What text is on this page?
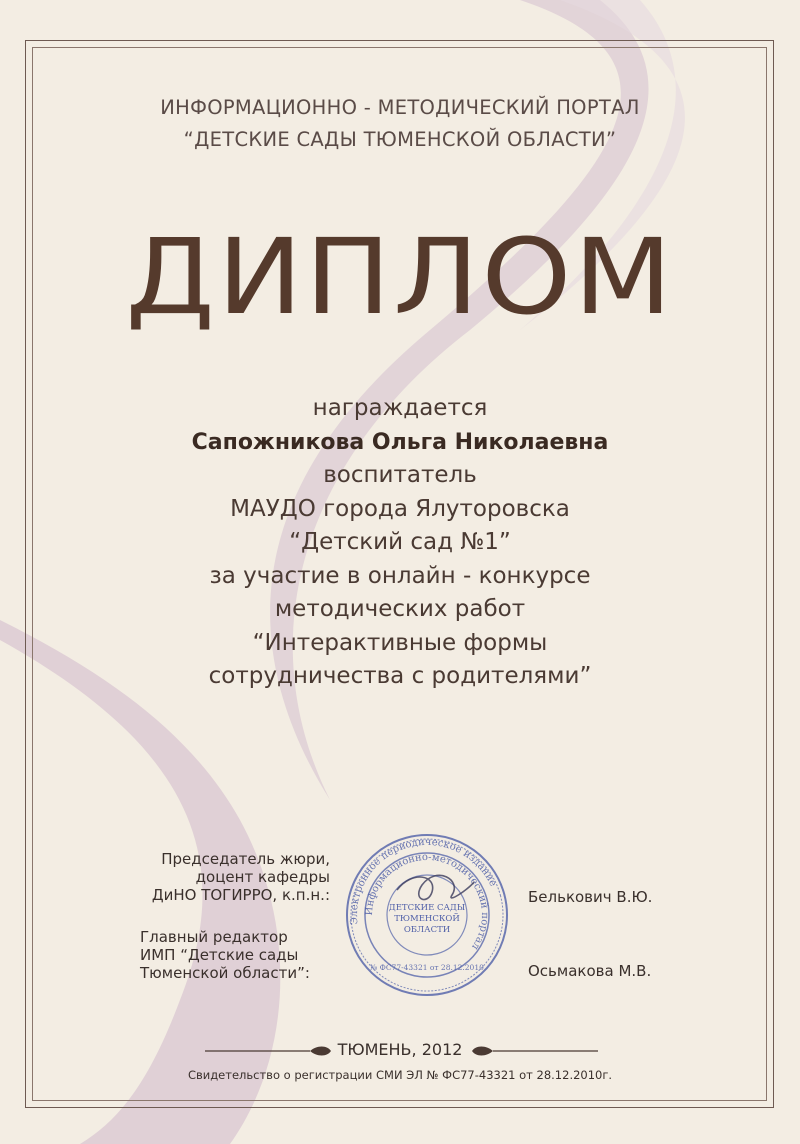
ИНФОРМАЦИОННО - МЕТОДИЧЕСКИЙ ПОРТАЛ
“ДЕТСКИЕ САДЫ ТЮМЕНСКОЙ ОБЛАСТИ”
ДИПЛОМ
награждается
Сапожникова Ольга Николаевна
воспитатель
МАУДО города Ялуторовска
“Детский сад №1”
за участие в онлайн - конкурсе
методических работ
“Интерактивные формы
сотрудничества с родителями”
Председатель жюри,
доцент кафедры
ДиНО ТОГИРРО, к.п.н.:	Белькович В.Ю.
Главный редактор
ИМП “Детские сады
Тюменской области”:	Осьмакова М.В.
Электронное периодическое издание
Информационно-методический портал
ДЕТСКИЕ САДЫ
ТЮМЕНСКОЙ
ОБЛАСТИ
№ ФС77-43321 от 28.12.2010
ТЮМЕНЬ, 2012
Свидетельство о регистрации СМИ ЭЛ № ФС77-43321 от 28.12.2010г.
